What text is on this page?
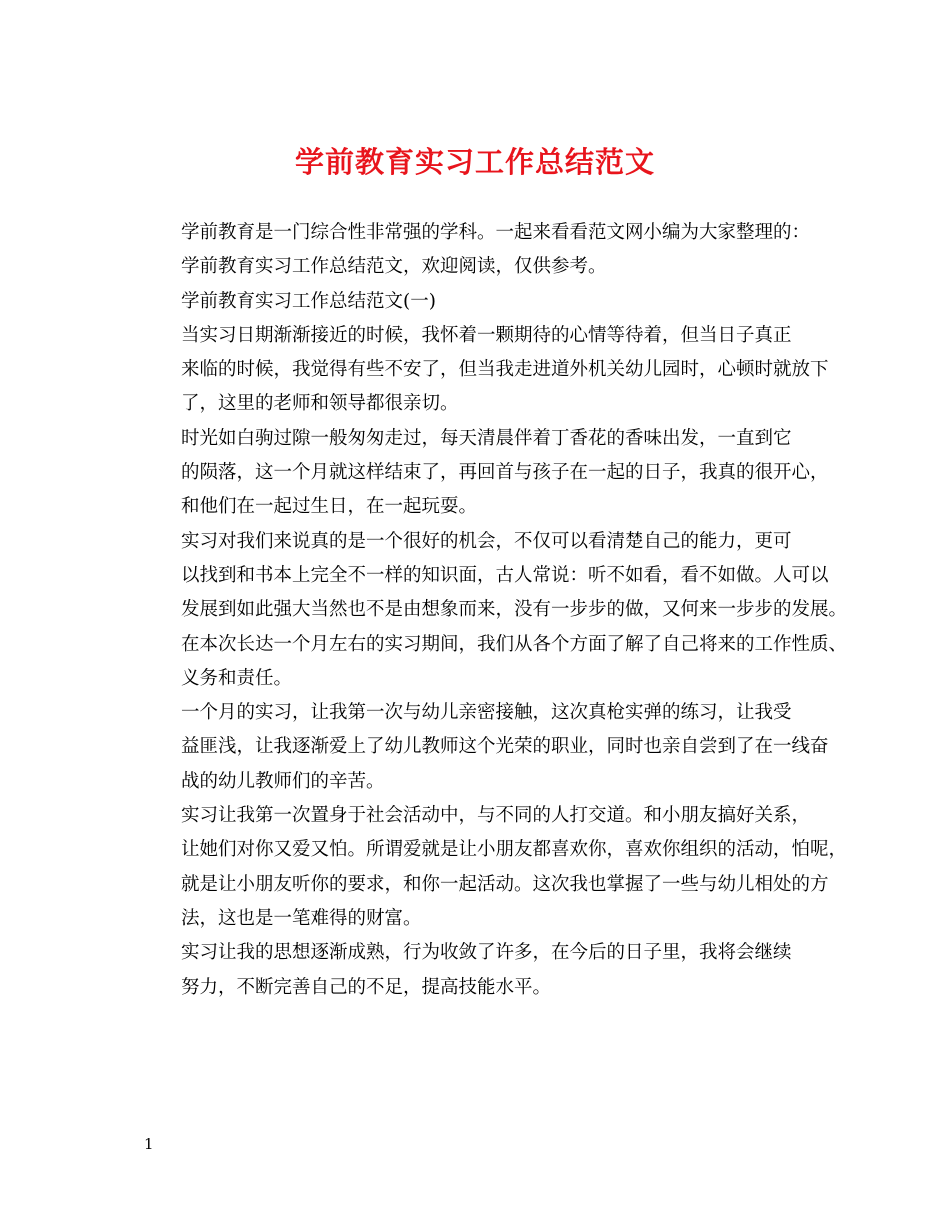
学前教育实习工作总结范文

学前教育是一门综合性非常强的学科。一起来看看范文网小编为大家整理的：
学前教育实习工作总结范文，欢迎阅读，仅供参考。

学前教育实习工作总结范文(一)

当实习日期渐渐接近的时候，我怀着一颗期待的心情等待着，但当日子真正
来临的时候，我觉得有些不安了，但当我走进道外机关幼儿园时，心顿时就放下
了，这里的老师和领导都很亲切。

时光如白驹过隙一般匆匆走过，每天清晨伴着丁香花的香味出发，一直到它
的陨落，这一个月就这样结束了，再回首与孩子在一起的日子，我真的很开心，
和他们在一起过生日，在一起玩耍。

实习对我们来说真的是一个很好的机会，不仅可以看清楚自己的能力，更可
以找到和书本上完全不一样的知识面，古人常说：听不如看，看不如做。人可以
发展到如此强大当然也不是由想象而来，没有一步步的做，又何来一步步的发展。
在本次长达一个月左右的实习期间，我们从各个方面了解了自己将来的工作性质、
义务和责任。

一个月的实习，让我第一次与幼儿亲密接触，这次真枪实弹的练习，让我受
益匪浅，让我逐渐爱上了幼儿教师这个光荣的职业，同时也亲自尝到了在一线奋
战的幼儿教师们的辛苦。

实习让我第一次置身于社会活动中，与不同的人打交道。和小朋友搞好关系，
让她们对你又爱又怕。所谓爱就是让小朋友都喜欢你，喜欢你组织的活动，怕呢，
就是让小朋友听你的要求，和你一起活动。这次我也掌握了一些与幼儿相处的方
法，这也是一笔难得的财富。

实习让我的思想逐渐成熟，行为收敛了许多，在今后的日子里，我将会继续
努力，不断完善自己的不足，提高技能水平。

1
